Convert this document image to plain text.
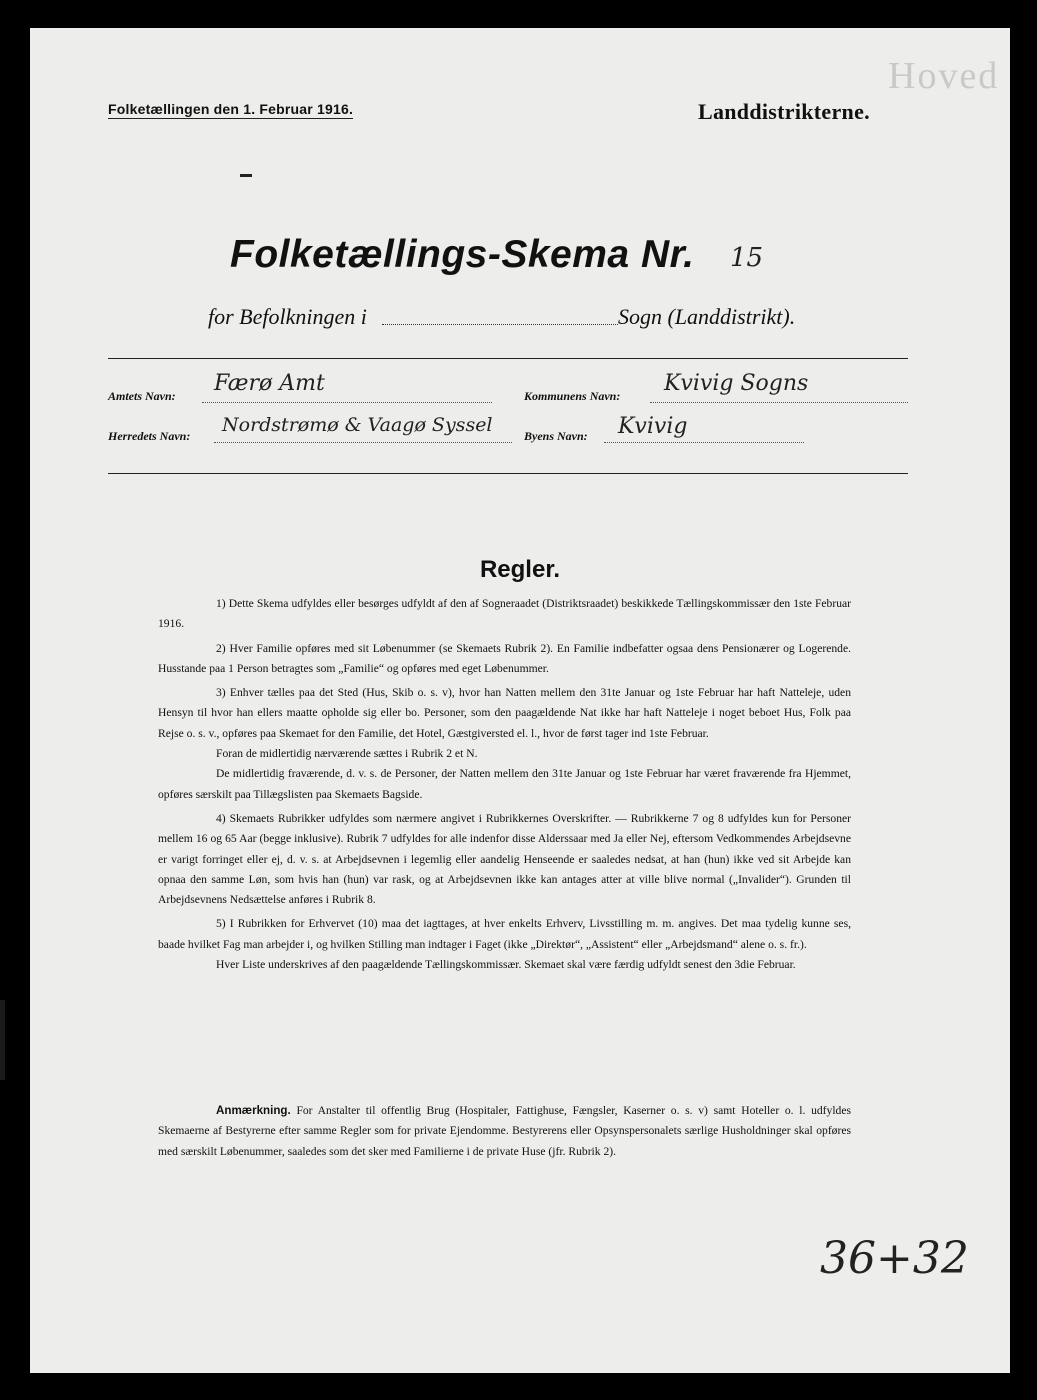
Hoved
Folketællingen den 1. Februar 1916.	Landdistrikterne.
Folketællings-Skema Nr. 15
for Befolkningen i	Sogn (Landdistrikt).
Amtets Navn: Færø Amt	Kommunens Navn: Kvivig Sogns
Herredets Navn: Nordstrømø & Vaagø Syssel	Byens Navn: Kvivig
Regler.

1) Dette Skema udfyldes eller besørges udfyldt af den af Sogneraadet (Distriktsraadet) beskikkede Tællingskommissær den 1ste Februar 1916.

2) Hver Familie opføres med sit Løbenummer (se Skemaets Rubrik 2). En Familie indbefatter ogsaa dens Pensionærer og Logerende. Husstande paa 1 Person betragtes som „Familie“ og opføres med eget Løbenummer.

3) Enhver tælles paa det Sted (Hus, Skib o. s. v), hvor han Natten mellem den 31te Januar og 1ste Februar har haft Natteleje, uden Hensyn til hvor han ellers maatte opholde sig eller bo. Personer, som den paagældende Nat ikke har haft Natteleje i noget beboet Hus, Folk paa Rejse o. s. v., opføres paa Skemaet for den Familie, det Hotel, Gæstgiversted el. l., hvor de først tager ind 1ste Februar.

Foran de midlertidig nærværende sættes i Rubrik 2 et N.

De midlertidig fraværende, d. v. s. de Personer, der Natten mellem den 31te Januar og 1ste Februar har været fraværende fra Hjemmet, opføres særskilt paa Tillægslisten paa Skemaets Bagside.

4) Skemaets Rubrikker udfyldes som nærmere angivet i Rubrikkernes Overskrifter. — Rubrikkerne 7 og 8 udfyldes kun for Personer mellem 16 og 65 Aar (begge inklusive). Rubrik 7 udfyldes for alle indenfor disse Alderssaar med Ja eller Nej, eftersom Vedkommendes Arbejdsevne er varigt forringet eller ej, d. v. s. at Arbejdsevnen i legemlig eller aandelig Henseende er saaledes nedsat, at han (hun) ikke ved sit Arbejde kan opnaa den samme Løn, som hvis han (hun) var rask, og at Arbejdsevnen ikke kan antages atter at ville blive normal („Invalider“). Grunden til Arbejdsevnens Nedsættelse anføres i Rubrik 8.

5) I Rubrikken for Erhvervet (10) maa det iagttages, at hver enkelts Erhverv, Livsstilling m. m. angives. Det maa tydelig kunne ses, baade hvilket Fag man arbejder i, og hvilken Stilling man indtager i Faget (ikke „Direktør“, „Assistent“ eller „Arbejdsmand“ alene o. s. fr.).

Hver Liste underskrives af den paagældende Tællingskommissær. Skemaet skal være færdig udfyldt senest den 3die Februar.

Anmærkning. For Anstalter til offentlig Brug (Hospitaler, Fattighuse, Fængsler, Kaserner o. s. v) samt Hoteller o. l. udfyldes Skemaerne af Bestyrerne efter samme Regler som for private Ejendomme. Bestyrerens eller Opsynspersonalets særlige Husholdninger skal opføres med særskilt Løbenummer, saaledes som det sker med Familierne i de private Huse (jfr. Rubrik 2).

36+32
